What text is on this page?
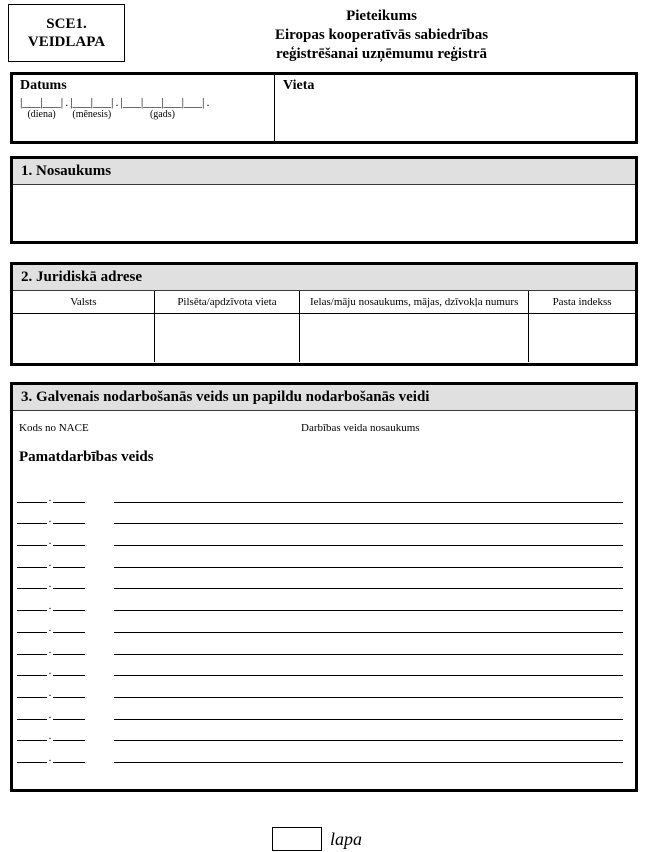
SCE1.
VEIDLAPA
Pieteikums
Eiropas kooperatīvās sabiedrības
reģistrēšanai uzņēmumu reģistrā
Datums
|___|___|
(diena)
. |___|___|
(mēnesis)
. |___|___|___|___|
(gads)
.
Vieta
1. Nosaukums
2. Juridiskā adrese
Valsts	Pilsēta/apdzīvota vieta	Ielas/māju nosaukums, mājas, dzīvokļa numurs	Pasta indekss

3. Galvenais nodarbošanās veids un papildu nodarbošanās veidi
Kods no NACE	Darbības veida nosaukums
Pamatdarbības veids
.
.
.
.
.
.
.
.
.
.
.
.
.
lapa
